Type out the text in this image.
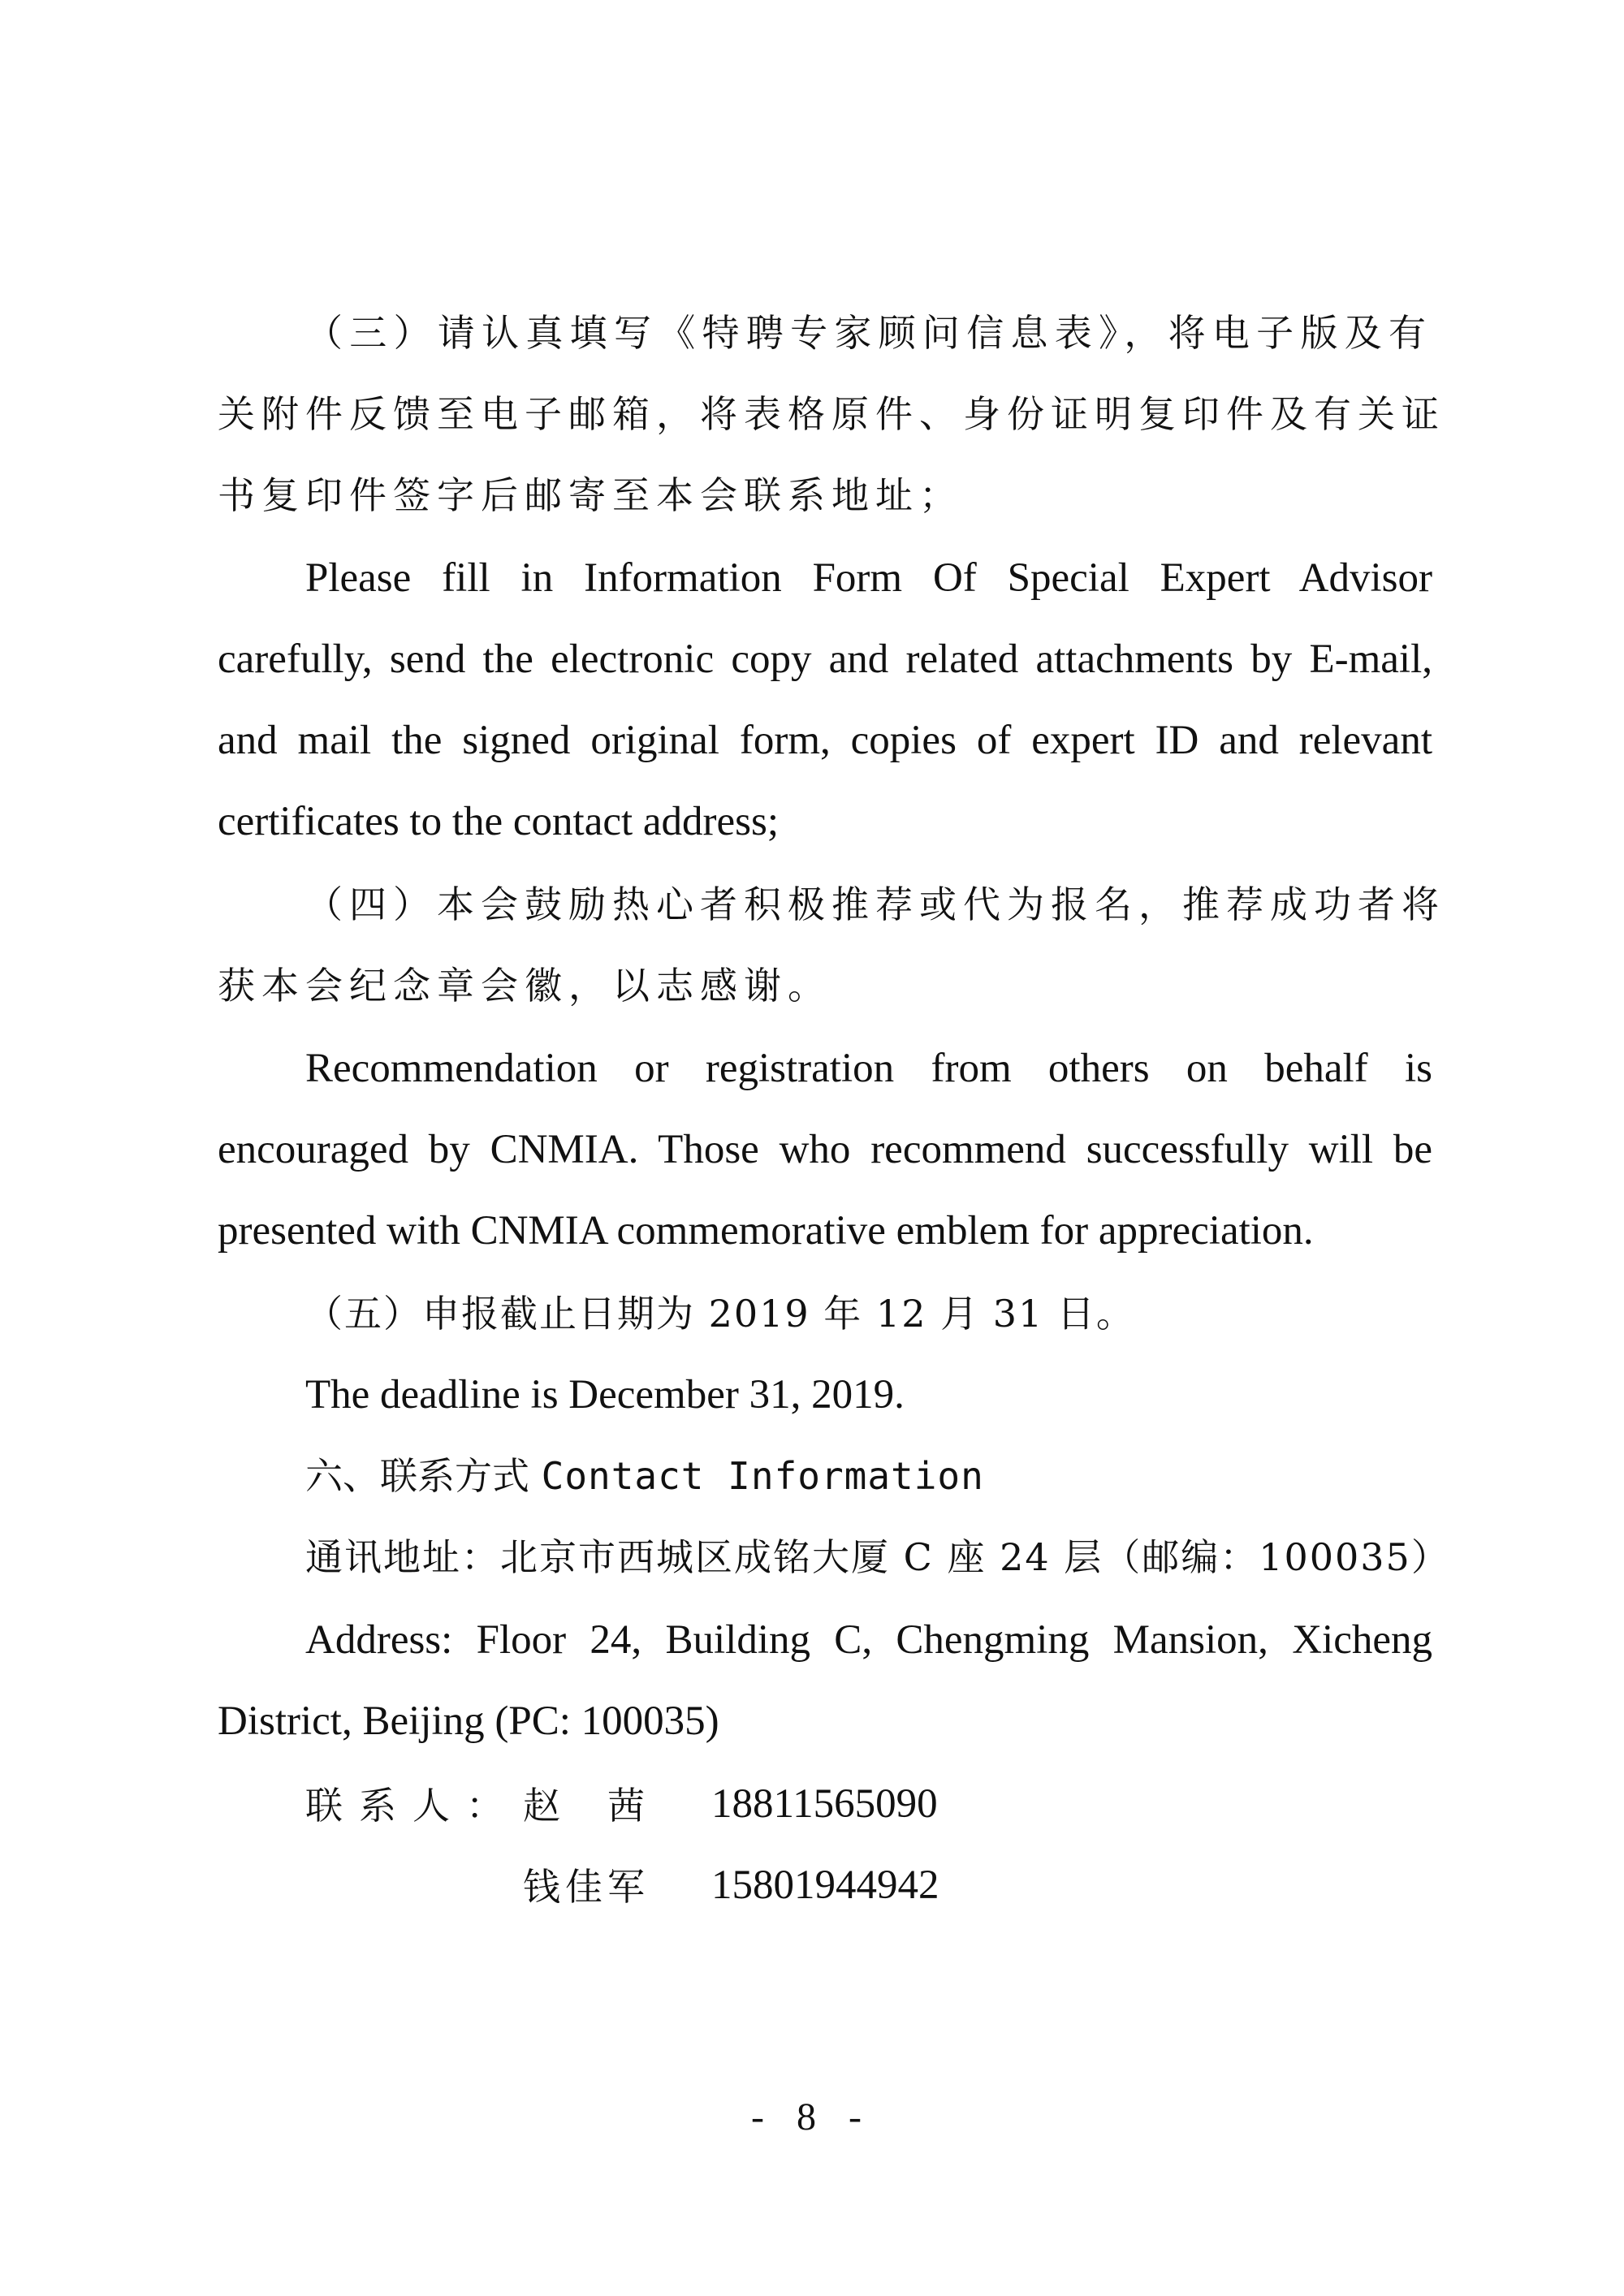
（三）请认真填写《特聘专家顾问信息表》，将电子版及有
关附件反馈至电子邮箱，将表格原件、身份证明复印件及有关证
书复印件签字后邮寄至本会联系地址；
Please fill in Information Form Of Special Expert Advisor
carefully, send the electronic copy and related attachments by E-mail,
and mail the signed original form, copies of expert ID and relevant
certificates to the contact address;
（四）本会鼓励热心者积极推荐或代为报名，推荐成功者将
获本会纪念章会徽，以志感谢。
Recommendation or registration from others on behalf is
encouraged by CNMIA. Those who recommend successfully will be
presented with CNMIA commemorative emblem for appreciation.
（五）申报截止日期为 2019 年 12 月 31 日。
The deadline is December 31, 2019.
六、联系方式 Contact Information
通讯地址：北京市西城区成铭大厦 C 座 24 层（邮编：100035）
Address: Floor 24, Building C, Chengming Mansion, Xicheng
District, Beijing (PC: 100035)
联系人： 赵　茜 18811565090
钱佳军 15801944942
- 8 -
